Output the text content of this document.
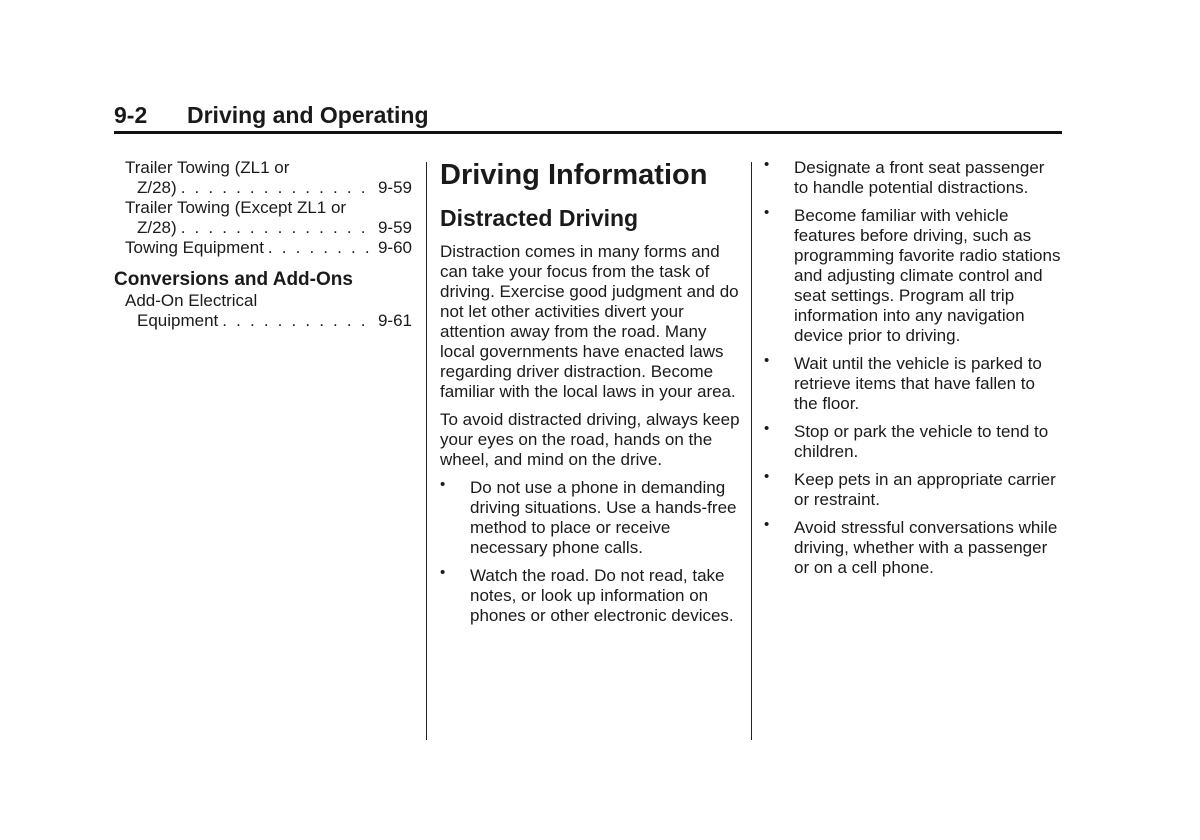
9-2 Driving and Operating
Trailer Towing (ZL1 or
Z/28) . . .	9-59
Trailer Towing (Except ZL1 or
Z/28) . . .	9-59
Towing Equipment . . .	9-60
Conversions and Add-Ons
Add-On Electrical
Equipment . . .	9-61
Driving Information
Distracted Driving

Distraction comes in many forms and can take your focus from the task of driving. Exercise good judgment and do not let other activities divert your attention away from the road. Many local governments have enacted laws regarding driver distraction. Become familiar with the local laws in your area.

To avoid distracted driving, always keep your eyes on the road, hands on the wheel, and mind on the drive.

• Do not use a phone in demanding driving situations. Use a hands-free method to place or receive necessary phone calls.
• Watch the road. Do not read, take notes, or look up information on phones or other electronic devices.
• Designate a front seat passenger to handle potential distractions.
• Become familiar with vehicle features before driving, such as programming favorite radio stations and adjusting climate control and seat settings. Program all trip information into any navigation device prior to driving.
• Wait until the vehicle is parked to retrieve items that have fallen to the floor.
• Stop or park the vehicle to tend to children.
• Keep pets in an appropriate carrier or restraint.
• Avoid stressful conversations while driving, whether with a passenger or on a cell phone.
